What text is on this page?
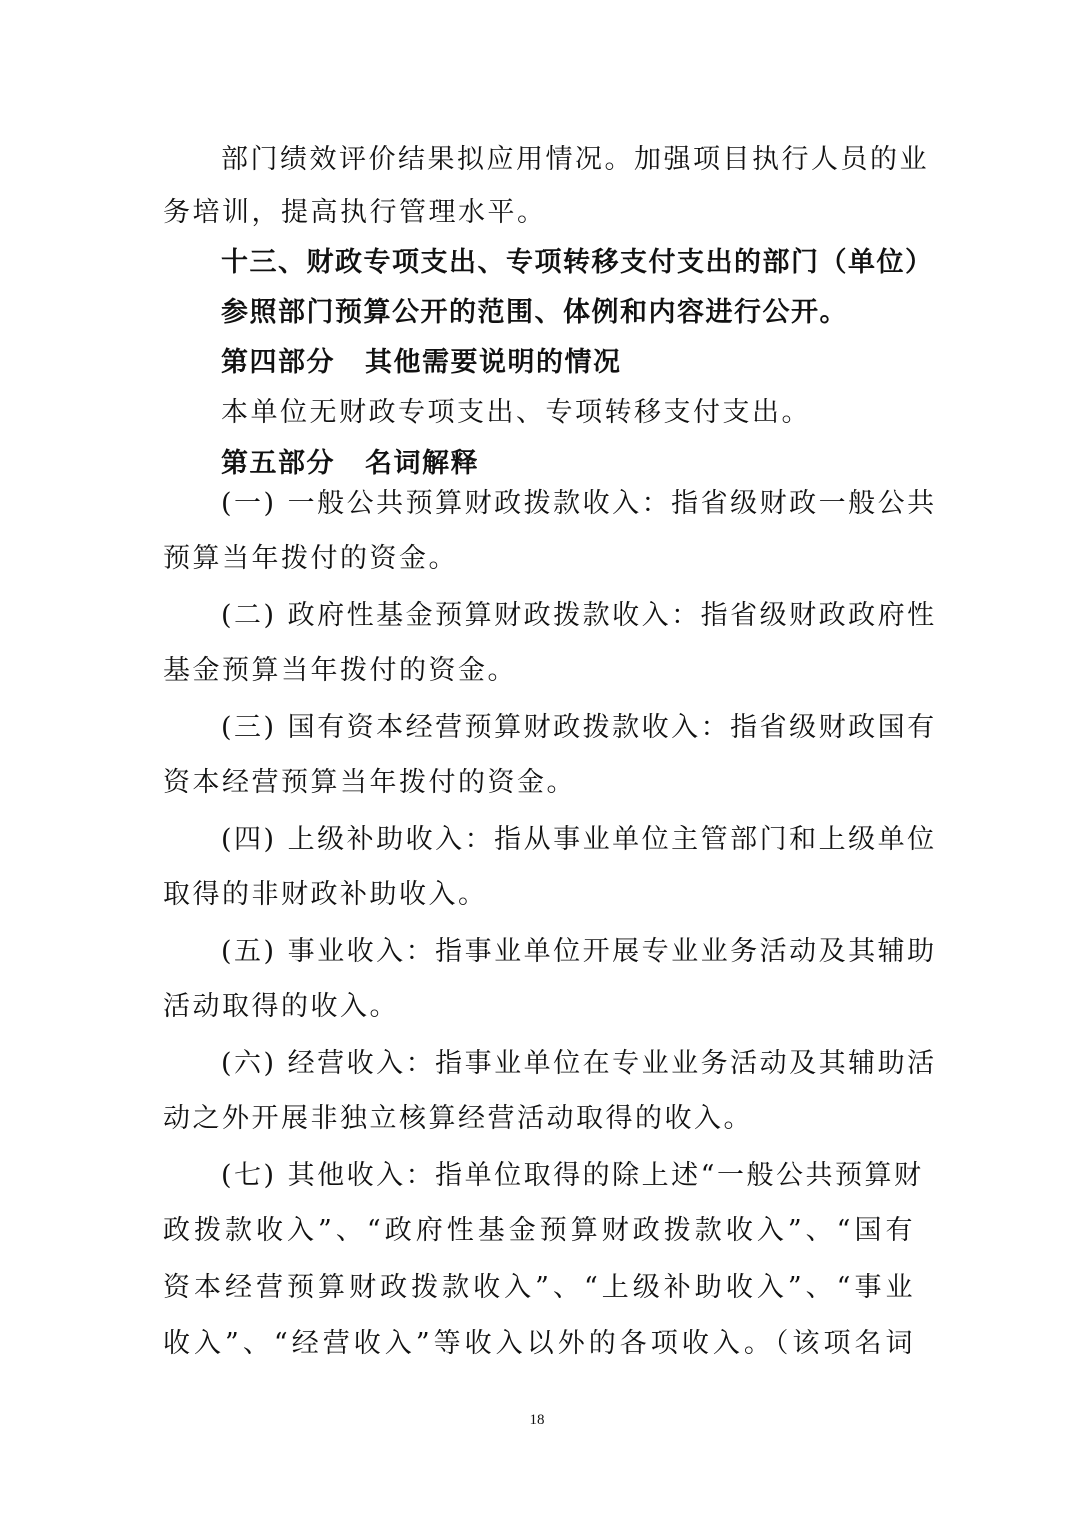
部门绩效评价结果拟应用情况。加强项目执行人员的业
务培训，提高执行管理水平。
十三、财政专项支出、专项转移支付支出的部门（单位）
参照部门预算公开的范围、体例和内容进行公开。
第四部分 其他需要说明的情况
本单位无财政专项支出、专项转移支付支出。
第五部分 名词解释
(一) 一般公共预算财政拨款收入：指省级财政一般公共
预算当年拨付的资金。
(二) 政府性基金预算财政拨款收入：指省级财政政府性
基金预算当年拨付的资金。
(三) 国有资本经营预算财政拨款收入：指省级财政国有
资本经营预算当年拨付的资金。
(四) 上级补助收入：指从事业单位主管部门和上级单位
取得的非财政补助收入。
(五) 事业收入：指事业单位开展专业业务活动及其辅助
活动取得的收入。
(六) 经营收入：指事业单位在专业业务活动及其辅助活
动之外开展非独立核算经营活动取得的收入。
(七) 其他收入：指单位取得的除上述“一般公共预算财
政拨款收入”、“政府性基金预算财政拨款收入”、“国有
资本经营预算财政拨款收入”、“上级补助收入”、“事业
收入”、“经营收入”等收入以外的各项收入。（该项名词
18
